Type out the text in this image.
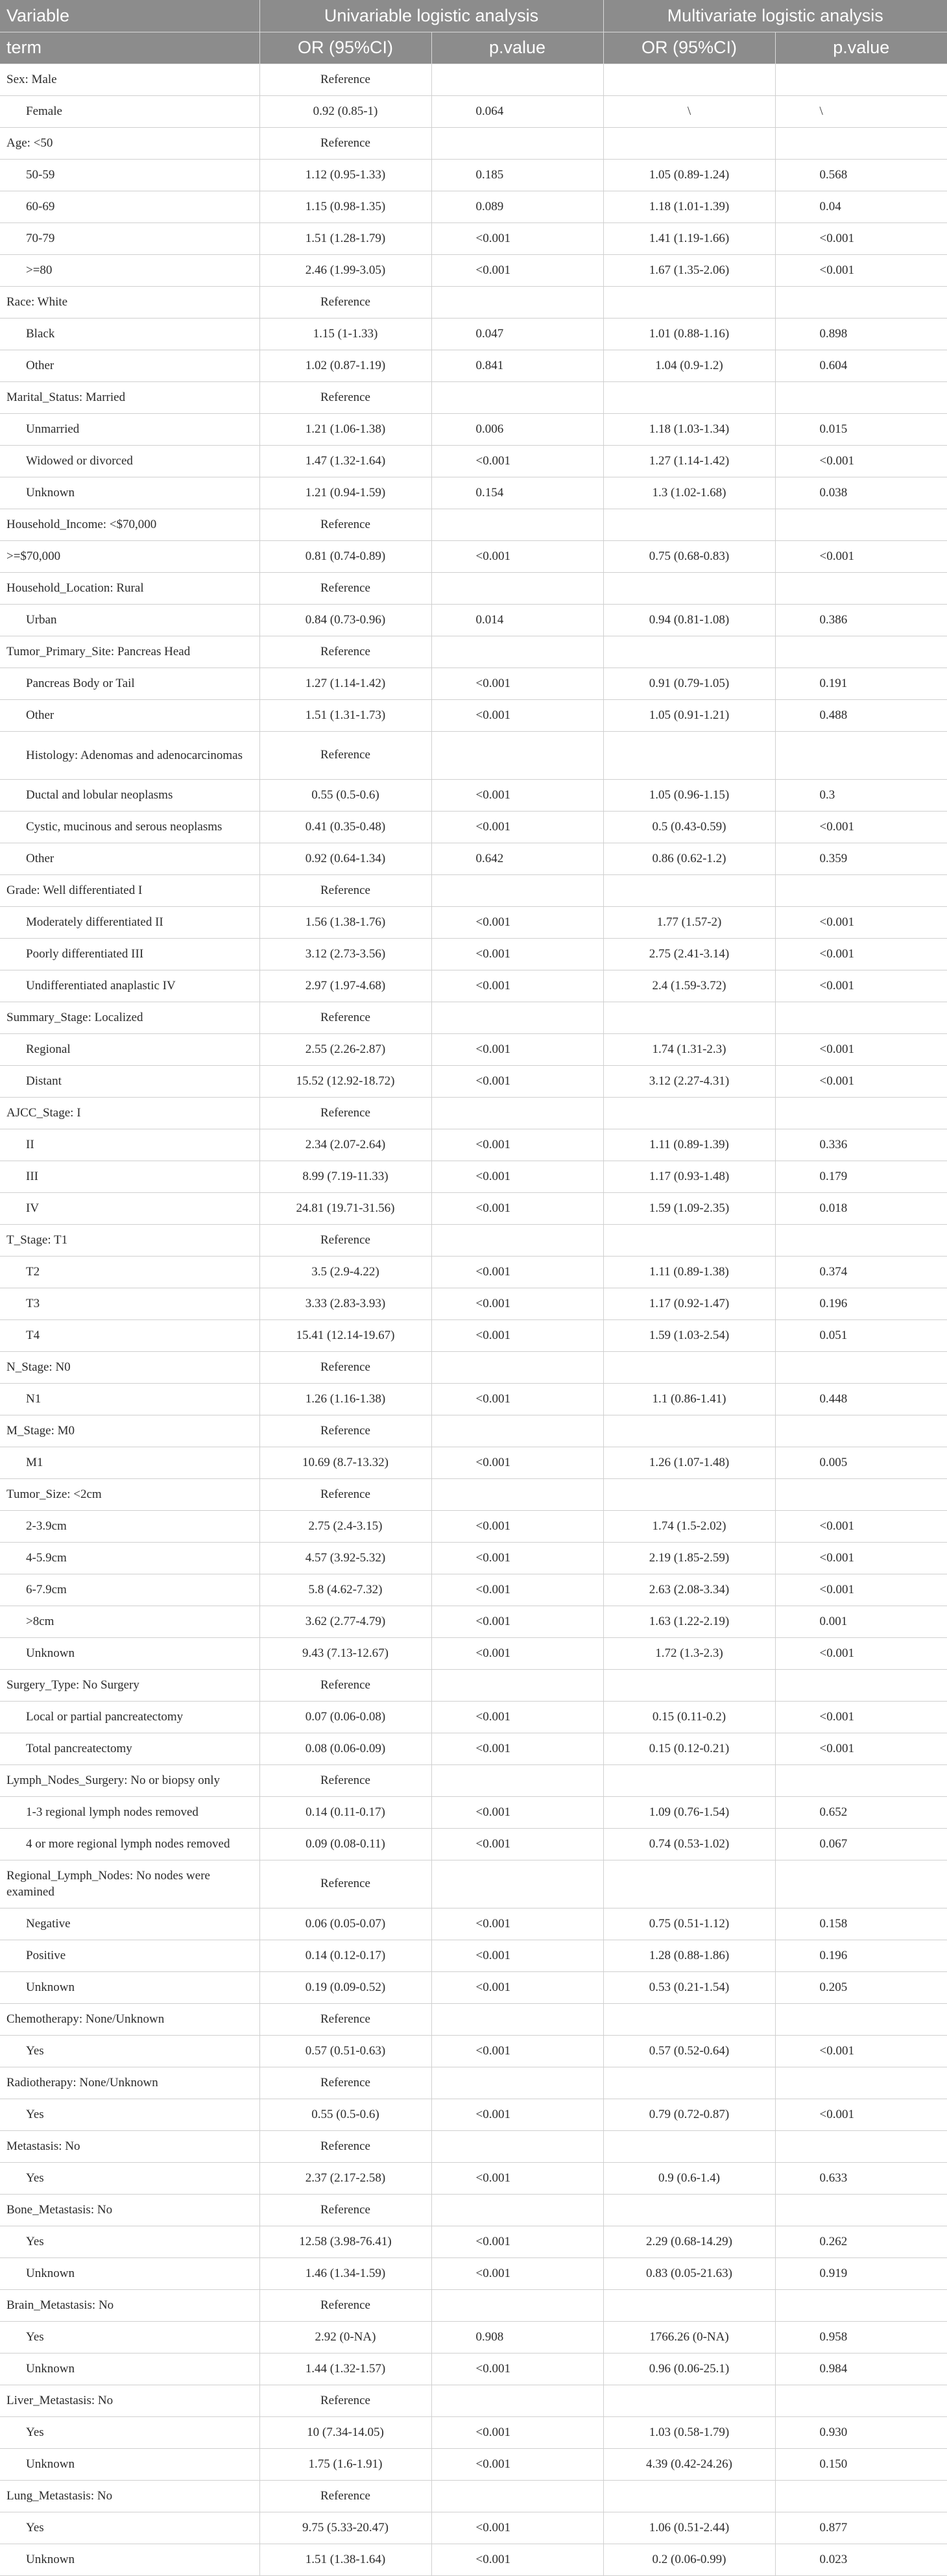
Variable	Univariable logistic analysis		Multivariate logistic analysis	
term	OR (95%CI)	p.value	OR (95%CI)	p.value
Sex: Male	Reference			
Female	0.92 (0.85-1)	0.064	\	\
Age: <50	Reference			
50-59	1.12 (0.95-1.33)	0.185	1.05 (0.89-1.24)	0.568
60-69	1.15 (0.98-1.35)	0.089	1.18 (1.01-1.39)	0.04
70-79	1.51 (1.28-1.79)	<0.001	1.41 (1.19-1.66)	<0.001
>=80	2.46 (1.99-3.05)	<0.001	1.67 (1.35-2.06)	<0.001
Race: White	Reference			
Black	1.15 (1-1.33)	0.047	1.01 (0.88-1.16)	0.898
Other	1.02 (0.87-1.19)	0.841	1.04 (0.9-1.2)	0.604
Marital_Status: Married	Reference			
Unmarried	1.21 (1.06-1.38)	0.006	1.18 (1.03-1.34)	0.015
Widowed or divorced	1.47 (1.32-1.64)	<0.001	1.27 (1.14-1.42)	<0.001
Unknown	1.21 (0.94-1.59)	0.154	1.3 (1.02-1.68)	0.038
Household_Income: <$70,000	Reference			
>=$70,000	0.81 (0.74-0.89)	<0.001	0.75 (0.68-0.83)	<0.001
Household_Location: Rural	Reference			
Urban	0.84 (0.73-0.96)	0.014	0.94 (0.81-1.08)	0.386
Tumor_Primary_Site: Pancreas Head	Reference			
Pancreas Body or Tail	1.27 (1.14-1.42)	<0.001	0.91 (0.79-1.05)	0.191
Other	1.51 (1.31-1.73)	<0.001	1.05 (0.91-1.21)	0.488
Histology: Adenomas and adenocarcinomas	Reference			
Ductal and lobular neoplasms	0.55 (0.5-0.6)	<0.001	1.05 (0.96-1.15)	0.3
Cystic, mucinous and serous neoplasms	0.41 (0.35-0.48)	<0.001	0.5 (0.43-0.59)	<0.001
Other	0.92 (0.64-1.34)	0.642	0.86 (0.62-1.2)	0.359
Grade: Well differentiated I	Reference			
Moderately differentiated II	1.56 (1.38-1.76)	<0.001	1.77 (1.57-2)	<0.001
Poorly differentiated III	3.12 (2.73-3.56)	<0.001	2.75 (2.41-3.14)	<0.001
Undifferentiated anaplastic IV	2.97 (1.97-4.68)	<0.001	2.4 (1.59-3.72)	<0.001
Summary_Stage: Localized	Reference			
Regional	2.55 (2.26-2.87)	<0.001	1.74 (1.31-2.3)	<0.001
Distant	15.52 (12.92-18.72)	<0.001	3.12 (2.27-4.31)	<0.001
AJCC_Stage: I	Reference			
II	2.34 (2.07-2.64)	<0.001	1.11 (0.89-1.39)	0.336
III	8.99 (7.19-11.33)	<0.001	1.17 (0.93-1.48)	0.179
IV	24.81 (19.71-31.56)	<0.001	1.59 (1.09-2.35)	0.018
T_Stage: T1	Reference			
T2	3.5 (2.9-4.22)	<0.001	1.11 (0.89-1.38)	0.374
T3	3.33 (2.83-3.93)	<0.001	1.17 (0.92-1.47)	0.196
T4	15.41 (12.14-19.67)	<0.001	1.59 (1.03-2.54)	0.051
N_Stage: N0	Reference			
N1	1.26 (1.16-1.38)	<0.001	1.1 (0.86-1.41)	0.448
M_Stage: M0	Reference			
M1	10.69 (8.7-13.32)	<0.001	1.26 (1.07-1.48)	0.005
Tumor_Size: <2cm	Reference			
2-3.9cm	2.75 (2.4-3.15)	<0.001	1.74 (1.5-2.02)	<0.001
4-5.9cm	4.57 (3.92-5.32)	<0.001	2.19 (1.85-2.59)	<0.001
6-7.9cm	5.8 (4.62-7.32)	<0.001	2.63 (2.08-3.34)	<0.001
>8cm	3.62 (2.77-4.79)	<0.001	1.63 (1.22-2.19)	0.001
Unknown	9.43 (7.13-12.67)	<0.001	1.72 (1.3-2.3)	<0.001
Surgery_Type: No Surgery	Reference			
Local or partial pancreatectomy	0.07 (0.06-0.08)	<0.001	0.15 (0.11-0.2)	<0.001
Total pancreatectomy	0.08 (0.06-0.09)	<0.001	0.15 (0.12-0.21)	<0.001
Lymph_Nodes_Surgery: No or biopsy only	Reference			
1-3 regional lymph nodes removed	0.14 (0.11-0.17)	<0.001	1.09 (0.76-1.54)	0.652
4 or more regional lymph nodes removed	0.09 (0.08-0.11)	<0.001	0.74 (0.53-1.02)	0.067
Regional_Lymph_Nodes: No nodes were examined	Reference			
Negative	0.06 (0.05-0.07)	<0.001	0.75 (0.51-1.12)	0.158
Positive	0.14 (0.12-0.17)	<0.001	1.28 (0.88-1.86)	0.196
Unknown	0.19 (0.09-0.52)	<0.001	0.53 (0.21-1.54)	0.205
Chemotherapy: None/Unknown	Reference			
Yes	0.57 (0.51-0.63)	<0.001	0.57 (0.52-0.64)	<0.001
Radiotherapy: None/Unknown	Reference			
Yes	0.55 (0.5-0.6)	<0.001	0.79 (0.72-0.87)	<0.001
Metastasis: No	Reference			
Yes	2.37 (2.17-2.58)	<0.001	0.9 (0.6-1.4)	0.633
Bone_Metastasis: No	Reference			
Yes	12.58 (3.98-76.41)	<0.001	2.29 (0.68-14.29)	0.262
Unknown	1.46 (1.34-1.59)	<0.001	0.83 (0.05-21.63)	0.919
Brain_Metastasis: No	Reference			
Yes	2.92 (0-NA)	0.908	1766.26 (0-NA)	0.958
Unknown	1.44 (1.32-1.57)	<0.001	0.96 (0.06-25.1)	0.984
Liver_Metastasis: No	Reference			
Yes	10 (7.34-14.05)	<0.001	1.03 (0.58-1.79)	0.930
Unknown	1.75 (1.6-1.91)	<0.001	4.39 (0.42-24.26)	0.150
Lung_Metastasis: No	Reference			
Yes	9.75 (5.33-20.47)	<0.001	1.06 (0.51-2.44)	0.877
Unknown	1.51 (1.38-1.64)	<0.001	0.2 (0.06-0.99)	0.023
